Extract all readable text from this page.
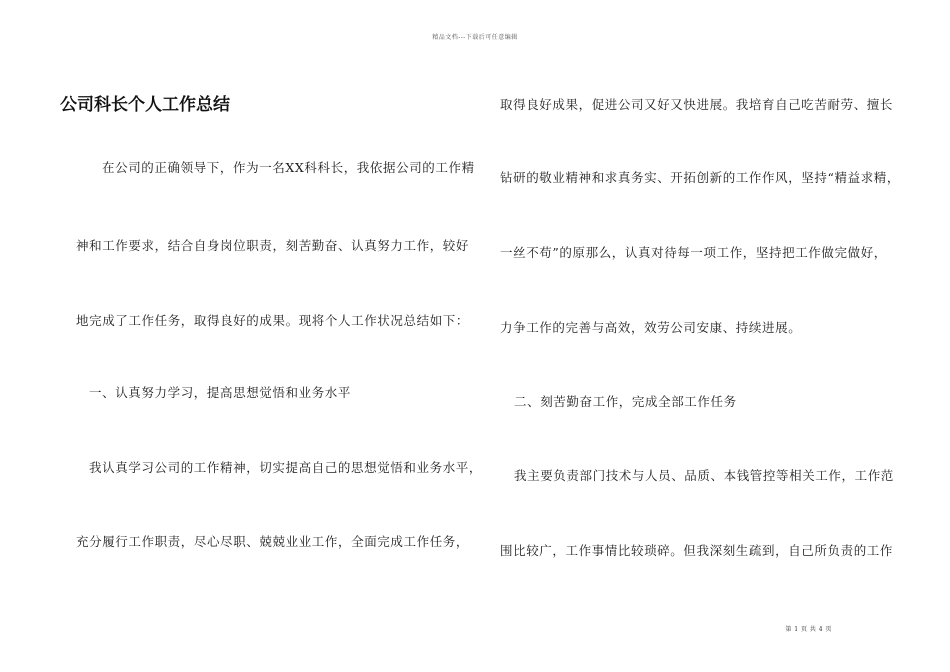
精品文档---下载后可任意编辑
公司科长个人工作总结
在公司的正确领导下，作为一名XX科科长，我依据公司的工作精
神和工作要求，结合自身岗位职责，刻苦勤奋、认真努力工作，较好
地完成了工作任务，取得良好的成果。现将个人工作状况总结如下：
一、认真努力学习，提高思想觉悟和业务水平
我认真学习公司的工作精神，切实提高自己的思想觉悟和业务水平，
充分履行工作职责，尽心尽职、兢兢业业工作，全面完成工作任务，
取得良好成果，促进公司又好又快进展。我培育自己吃苦耐劳、擅长
钻研的敬业精神和求真务实、开拓创新的工作作风，坚持“精益求精，
一丝不苟”的原那么，认真对待每一项工作，坚持把工作做完做好，
力争工作的完善与高效，效劳公司安康、持续进展。
二、刻苦勤奋工作，完成全部工作任务
我主要负责部门技术与人员、品质、本钱管控等相关工作，工作范
围比较广，工作事情比较琐碎。但我深刻生疏到，自己所负责的工作
第 1 页 共 4 页
